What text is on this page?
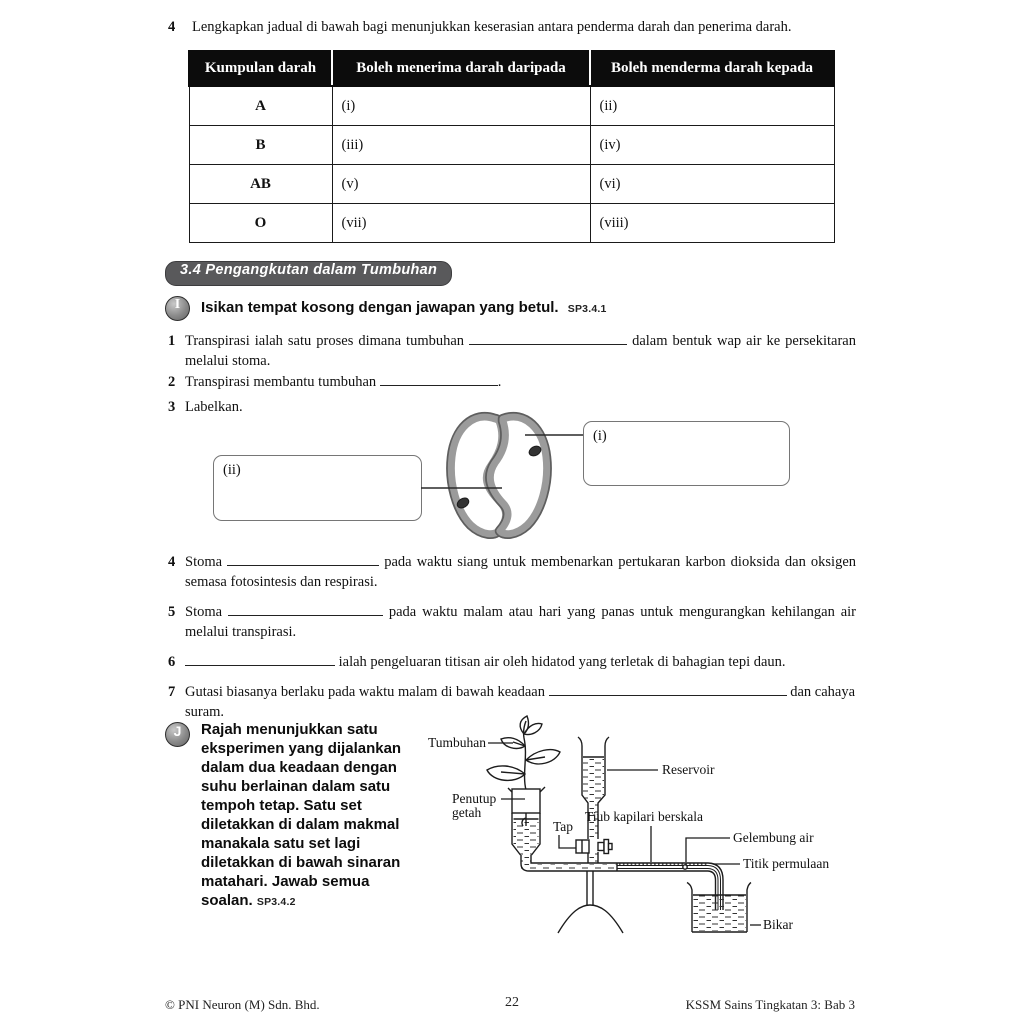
4 Lengkapkan jadual di bawah bagi menunjukkan keserasian antara penderma darah dan penerima darah.
Kumpulan darah	Boleh menerima darah daripada	Boleh menderma darah kepada
A	(i)	(ii)
B	(iii)	(iv)
AB	(v)	(vi)
O	(vii)	(viii)
3.4 Pengangkutan dalam Tumbuhan
I	Isikan tempat kosong dengan jawapan yang betul. SP3.4.1
1 Transpirasi ialah satu proses dimana tumbuhan	dalam bentuk wap air ke persekitaran melalui stoma.
2 Transpirasi membantu tumbuhan	.
3 Labelkan.
(ii)
(i)
4 Stoma	pada waktu siang untuk membenarkan pertukaran karbon dioksida dan oksigen semasa fotosintesis dan respirasi.
5 Stoma	pada waktu malam atau hari yang panas untuk mengurangkan kehilangan air melalui transpirasi.
6	ialah pengeluaran titisan air oleh hidatod yang terletak di bahagian tepi daun.
7 Gutasi biasanya berlaku pada waktu malam di bawah keadaan	dan cahaya suram.
J	Rajah menunjukkan satu
eksperimen yang dijalankan
dalam dua keadaan dengan
suhu berlainan dalam satu
tempoh tetap. Satu set
diletakkan di dalam makmal
manakala satu set lagi
diletakkan di bawah sinaran
matahari. Jawab semua
soalan. SP3.4.2
Tumbuhan
Penutup
getah
Tap
Reservoir
Tiub kapilari berskala
Gelembung air
Titik permulaan
Bikar
© PNI Neuron (M) Sdn. Bhd.	22	KSSM Sains Tingkatan 3: Bab 3
